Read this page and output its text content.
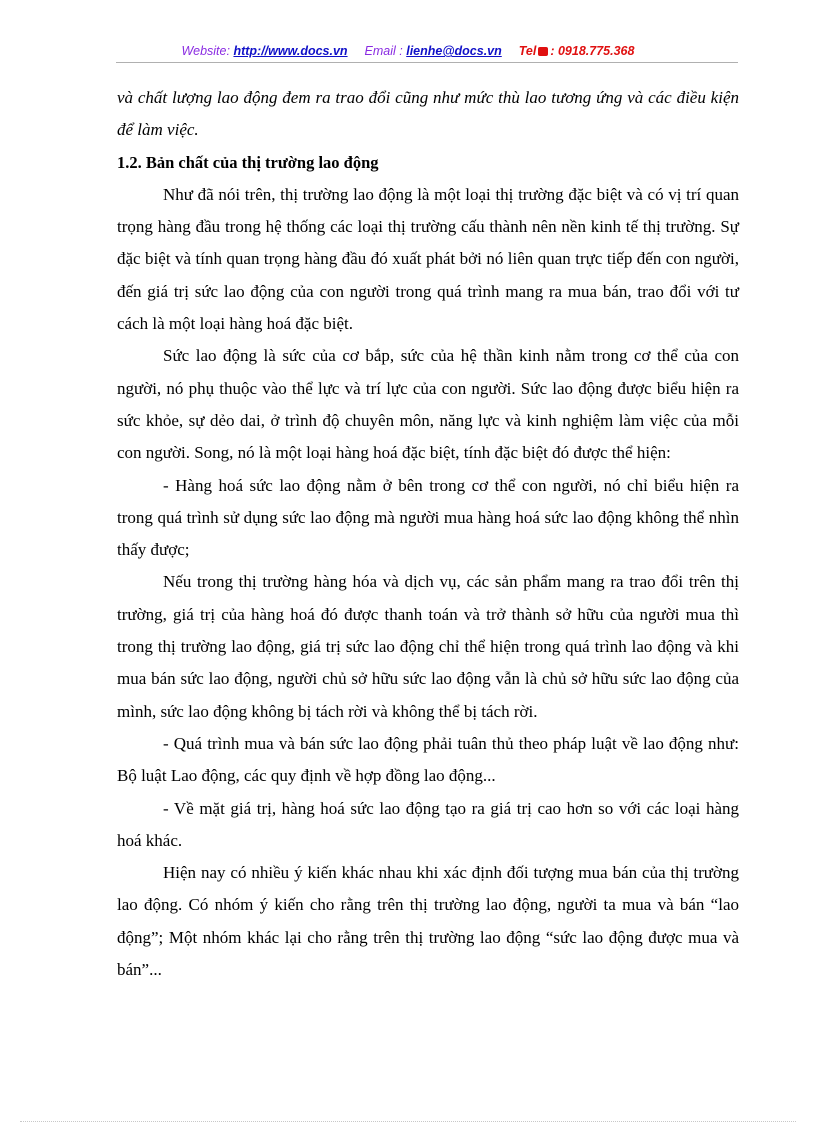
Website: http://www.docs.vn Email : lienhe@docs.vn Tel : 0918.775.368

và chất lượng lao động đem ra trao đổi cũng như mức thù lao tương ứng và các điều kiện để làm việc.

1.2. Bản chất của thị trường lao động

Như đã nói trên, thị trường lao động là một loại thị trường đặc biệt và có vị trí quan trọng hàng đầu trong hệ thống các loại thị trường cấu thành nên nền kinh tế thị trường. Sự đặc biệt và tính quan trọng hàng đầu đó xuất phát bởi nó liên quan trực tiếp đến con người, đến giá trị sức lao động của con người trong quá trình mang ra mua bán, trao đổi với tư cách là một loại hàng hoá đặc biệt.

Sức lao động là sức của cơ bắp, sức của hệ thần kinh nằm trong cơ thể của con người, nó phụ thuộc vào thể lực và trí lực của con người. Sức lao động được biểu hiện ra sức khỏe, sự dẻo dai, ở trình độ chuyên môn, năng lực và kinh nghiệm làm việc của mỗi con người. Song, nó là một loại hàng hoá đặc biệt, tính đặc biệt đó được thể hiện:

- Hàng hoá sức lao động nằm ở bên trong cơ thể con người, nó chỉ biểu hiện ra trong quá trình sử dụng sức lao động mà người mua hàng hoá sức lao động không thể nhìn thấy được;

Nếu trong thị trường hàng hóa và dịch vụ, các sản phẩm mang ra trao đổi trên thị trường, giá trị của hàng hoá đó được thanh toán và trở thành sở hữu của người mua thì trong thị trường lao động, giá trị sức lao động chỉ thể hiện trong quá trình lao động và khi mua bán sức lao động, người chủ sở hữu sức lao động vẫn là chủ sở hữu sức lao động của mình, sức lao động không bị tách rời và không thể bị tách rời.

- Quá trình mua và bán sức lao động phải tuân thủ theo pháp luật về lao động như: Bộ luật Lao động, các quy định về hợp đồng lao động...

- Về mặt giá trị, hàng hoá sức lao động tạo ra giá trị cao hơn so với các loại hàng hoá khác.

Hiện nay có nhiều ý kiến khác nhau khi xác định đối tượng mua bán của thị trường lao động. Có nhóm ý kiến cho rằng trên thị trường lao động, người ta mua và bán “lao động”; Một nhóm khác lại cho rằng trên thị trường lao động “sức lao động được mua và bán”...
